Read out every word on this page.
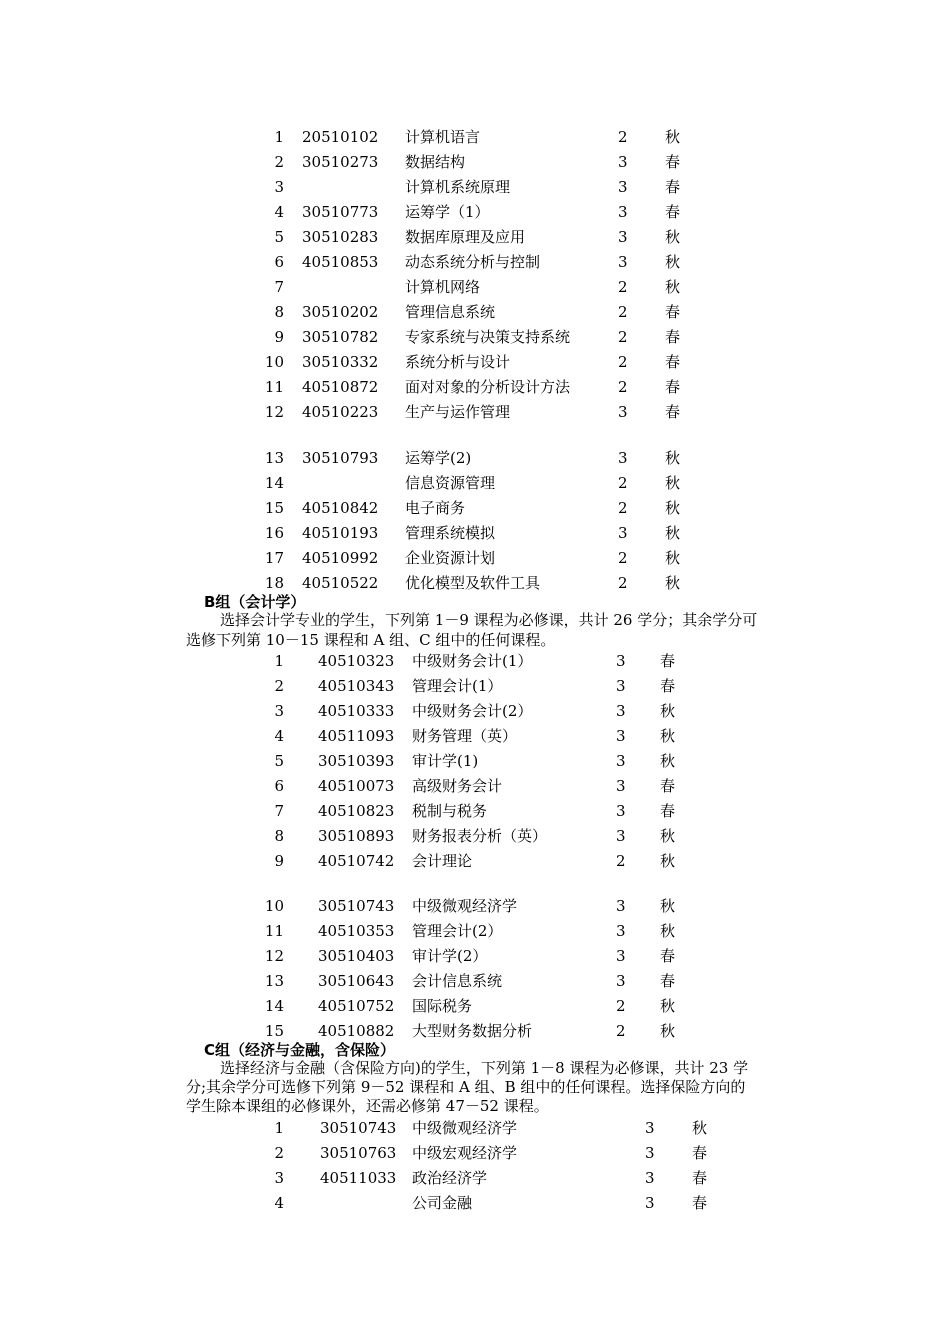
1 20510102 计算机语言	2 秋
2 30510273 数据结构	3 春
3	计算机系统原理	3 春
4 30510773 运筹学（1）	3 春
5 30510283 数据库原理及应用	3 秋
6 40510853 动态系统分析与控制	3 秋
7	计算机网络	2 秋
8 30510202 管理信息系统	2 春
9 30510782 专家系统与决策支持系统	2 春
10 30510332 系统分析与设计	2 春
11 40510872 面对对象的分析设计方法	2 春
12 40510223 生产与运作管理	3 春
13 30510793 运筹学(2)	3 秋
14	信息资源管理	2 秋
15 40510842 电子商务	2 秋
16 40510193 管理系统模拟	3 秋
17 40510992 企业资源计划	2 秋
18 40510522 优化模型及软件工具	2 秋
B组（会计学）
选择会计学专业的学生，下列第 1－9 课程为必修课，共计 26 学分；其余学分可
选修下列第 10－15 课程和 A 组、C 组中的任何课程。
1 40510323 中级财务会计(1）	3 春
2 40510343 管理会计(1）	3 春
3 40510333 中级财务会计(2）	3 秋
4 40511093 财务管理（英）	3 秋
5 30510393 审计学(1)	3 秋
6 40510073 高级财务会计	3 春
7 40510823 税制与税务	3 春
8 30510893 财务报表分析（英）	3 秋
9 40510742 会计理论	2 秋
10 30510743 中级微观经济学	3 秋
11 40510353 管理会计(2）	3 秋
12 30510403 审计学(2）	3 春
13 30510643 会计信息系统	3 春
14 40510752 国际税务	2 秋
15 40510882 大型财务数据分析	2 秋
C组（经济与金融，含保险）
选择经济与金融（含保险方向)的学生，下列第 1－8 课程为必修课，共计 23 学
分;其余学分可选修下列第 9－52 课程和 A 组、B 组中的任何课程。选择保险方向的
学生除本课组的必修课外，还需必修第 47－52 课程。
1 30510743 中级微观经济学	3 秋
2 30510763 中级宏观经济学	3 春
3 40511033 政治经济学	3 春
4	公司金融	3 春
